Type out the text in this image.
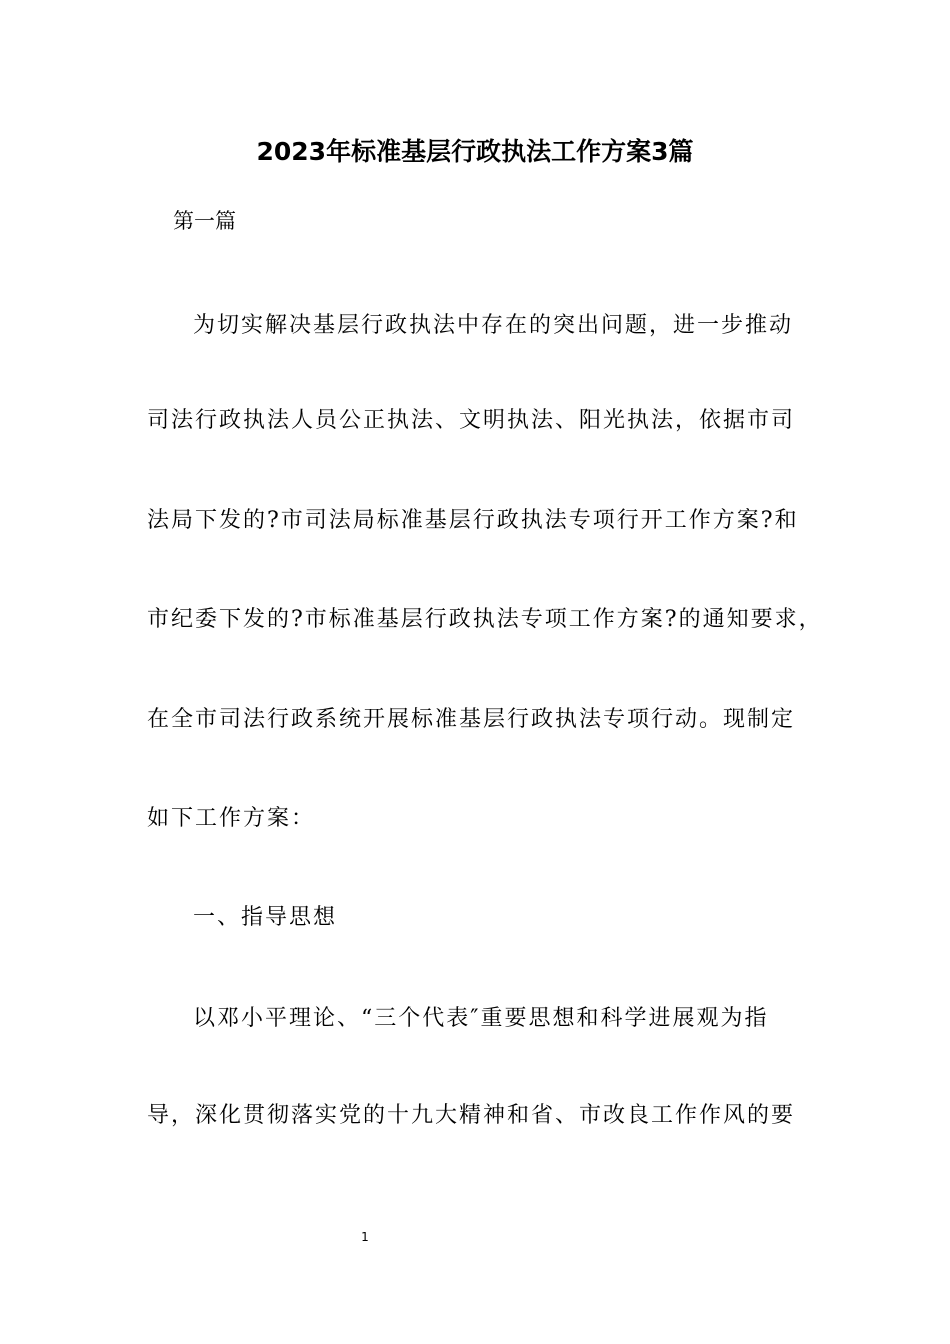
2023年标准基层行政执法工作方案3篇
第一篇
为切实解决基层行政执法中存在的突出问题，进一步推动
司法行政执法人员公正执法、文明执法、阳光执法，依据市司
法局下发的?市司法局标准基层行政执法专项行开工作方案?和
市纪委下发的?市标准基层行政执法专项工作方案?的通知要求，
在全市司法行政系统开展标准基层行政执法专项行动。现制定
如下工作方案：
一、指导思想
以邓小平理论、“三个代表″重要思想和科学进展观为指
导，深化贯彻落实党的十九大精神和省、市改良工作作风的要
1
